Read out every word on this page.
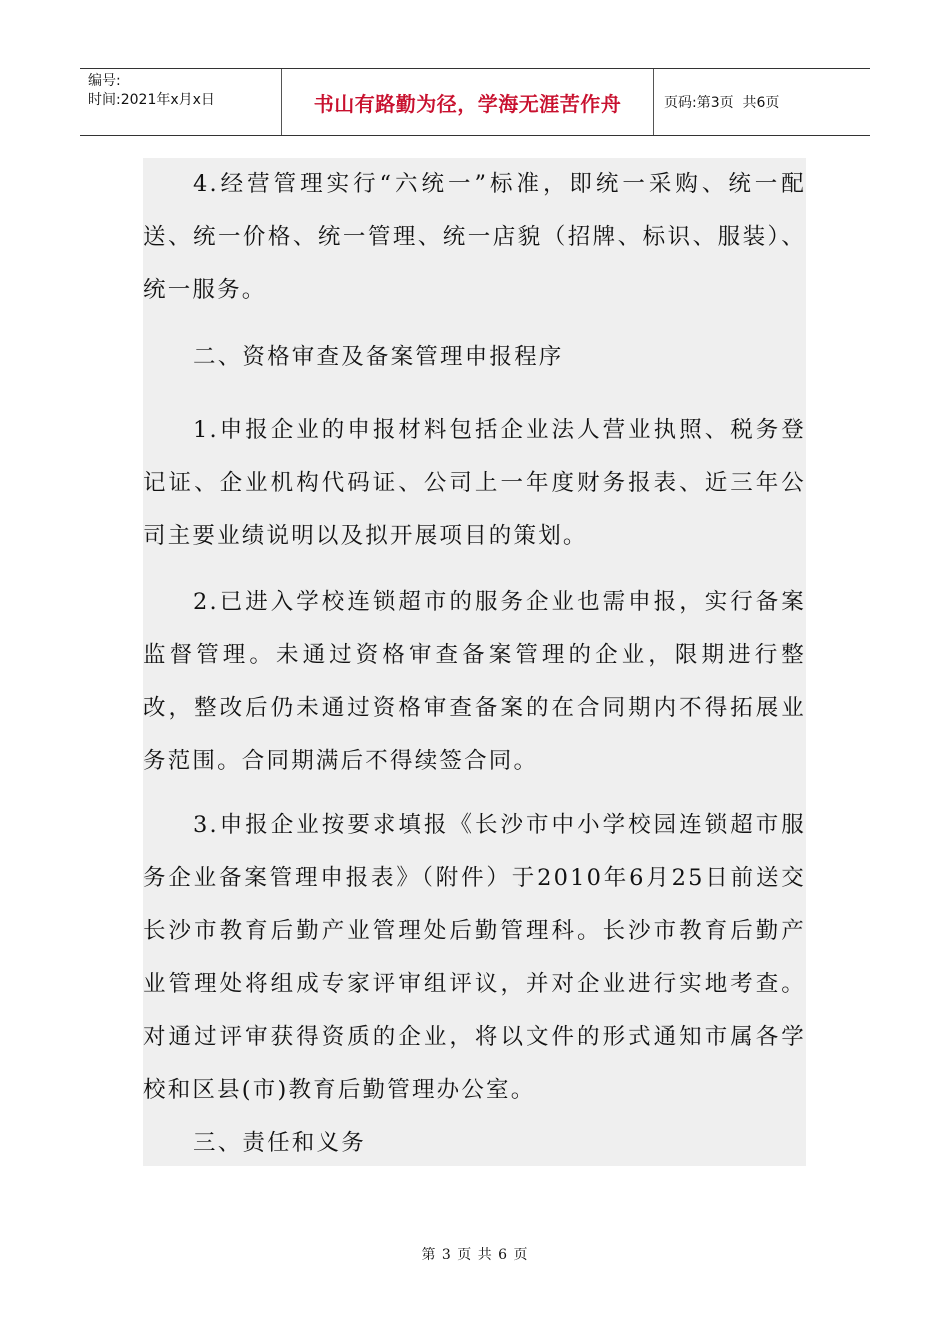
编号:
时间:2021年x月x日	书山有路勤为径，学海无涯苦作舟	页码:第3页  共6页

4.经营管理实行“六统一”标准，即统一采购、统一配送、统一价格、统一管理、统一店貌（招牌、标识、服装）、统一服务。

二、资格审查及备案管理申报程序

1.申报企业的申报材料包括企业法人营业执照、税务登记证、企业机构代码证、公司上一年度财务报表、近三年公司主要业绩说明以及拟开展项目的策划。

2.已进入学校连锁超市的服务企业也需申报，实行备案监督管理。未通过资格审查备案管理的企业，限期进行整改，整改后仍未通过资格审查备案的在合同期内不得拓展业务范围。合同期满后不得续签合同。

3.申报企业按要求填报《长沙市中小学校园连锁超市服务企业备案管理申报表》（附件）于2010年6月25日前送交长沙市教育后勤产业管理处后勤管理科。长沙市教育后勤产业管理处将组成专家评审组评议，并对企业进行实地考查。对通过评审获得资质的企业，将以文件的形式通知市属各学校和区县(市)教育后勤管理办公室。

三、责任和义务

第 3 页 共 6 页
